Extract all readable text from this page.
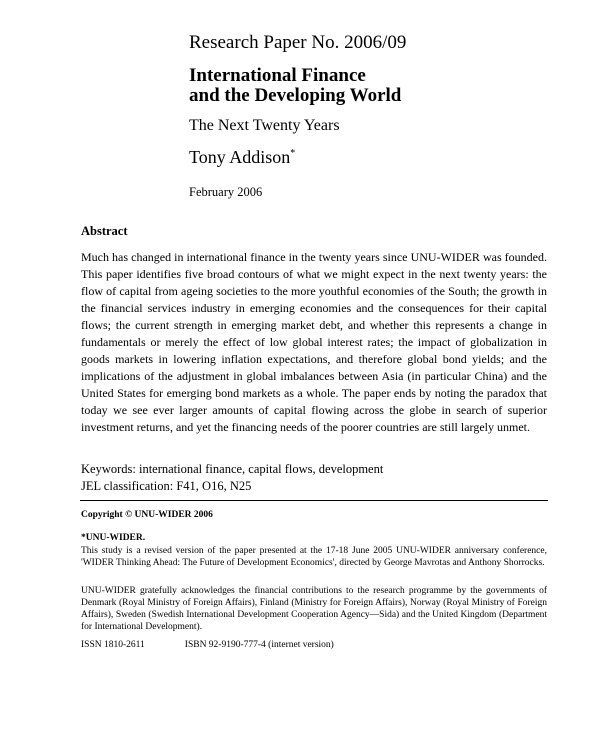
Research Paper No. 2006/09
International Finance
and the Developing World
The Next Twenty Years
Tony Addison*
February 2006
Abstract

Much has changed in international finance in the twenty years since UNU-WIDER was founded. This paper identifies five broad contours of what we might expect in the next twenty years: the flow of capital from ageing societies to the more youthful economies of the South; the growth in the financial services industry in emerging economies and the consequences for their capital flows; the current strength in emerging market debt, and whether this represents a change in fundamentals or merely the effect of low global interest rates; the impact of globalization in goods markets in lowering inflation expectations, and therefore global bond yields; and the implications of the adjustment in global imbalances between Asia (in particular China) and the United States for emerging bond markets as a whole. The paper ends by noting the paradox that today we see ever larger amounts of capital flowing across the globe in search of superior investment returns, and yet the financing needs of the poorer countries are still largely unmet.

Keywords: international finance, capital flows, development
JEL classification: F41, O16, N25

Copyright © UNU-WIDER 2006

*UNU-WIDER.

This study is a revised version of the paper presented at the 17-18 June 2005 UNU-WIDER anniversary conference, 'WIDER Thinking Ahead: The Future of Development Economics', directed by George Mavrotas and Anthony Shorrocks.

UNU-WIDER gratefully acknowledges the financial contributions to the research programme by the governments of Denmark (Royal Ministry of Foreign Affairs), Finland (Ministry for Foreign Affairs), Norway (Royal Ministry of Foreign Affairs), Sweden (Swedish International Development Cooperation Agency—Sida) and the United Kingdom (Department for International Development).

ISSN 1810-2611	ISBN 92-9190-777-4 (internet version)
